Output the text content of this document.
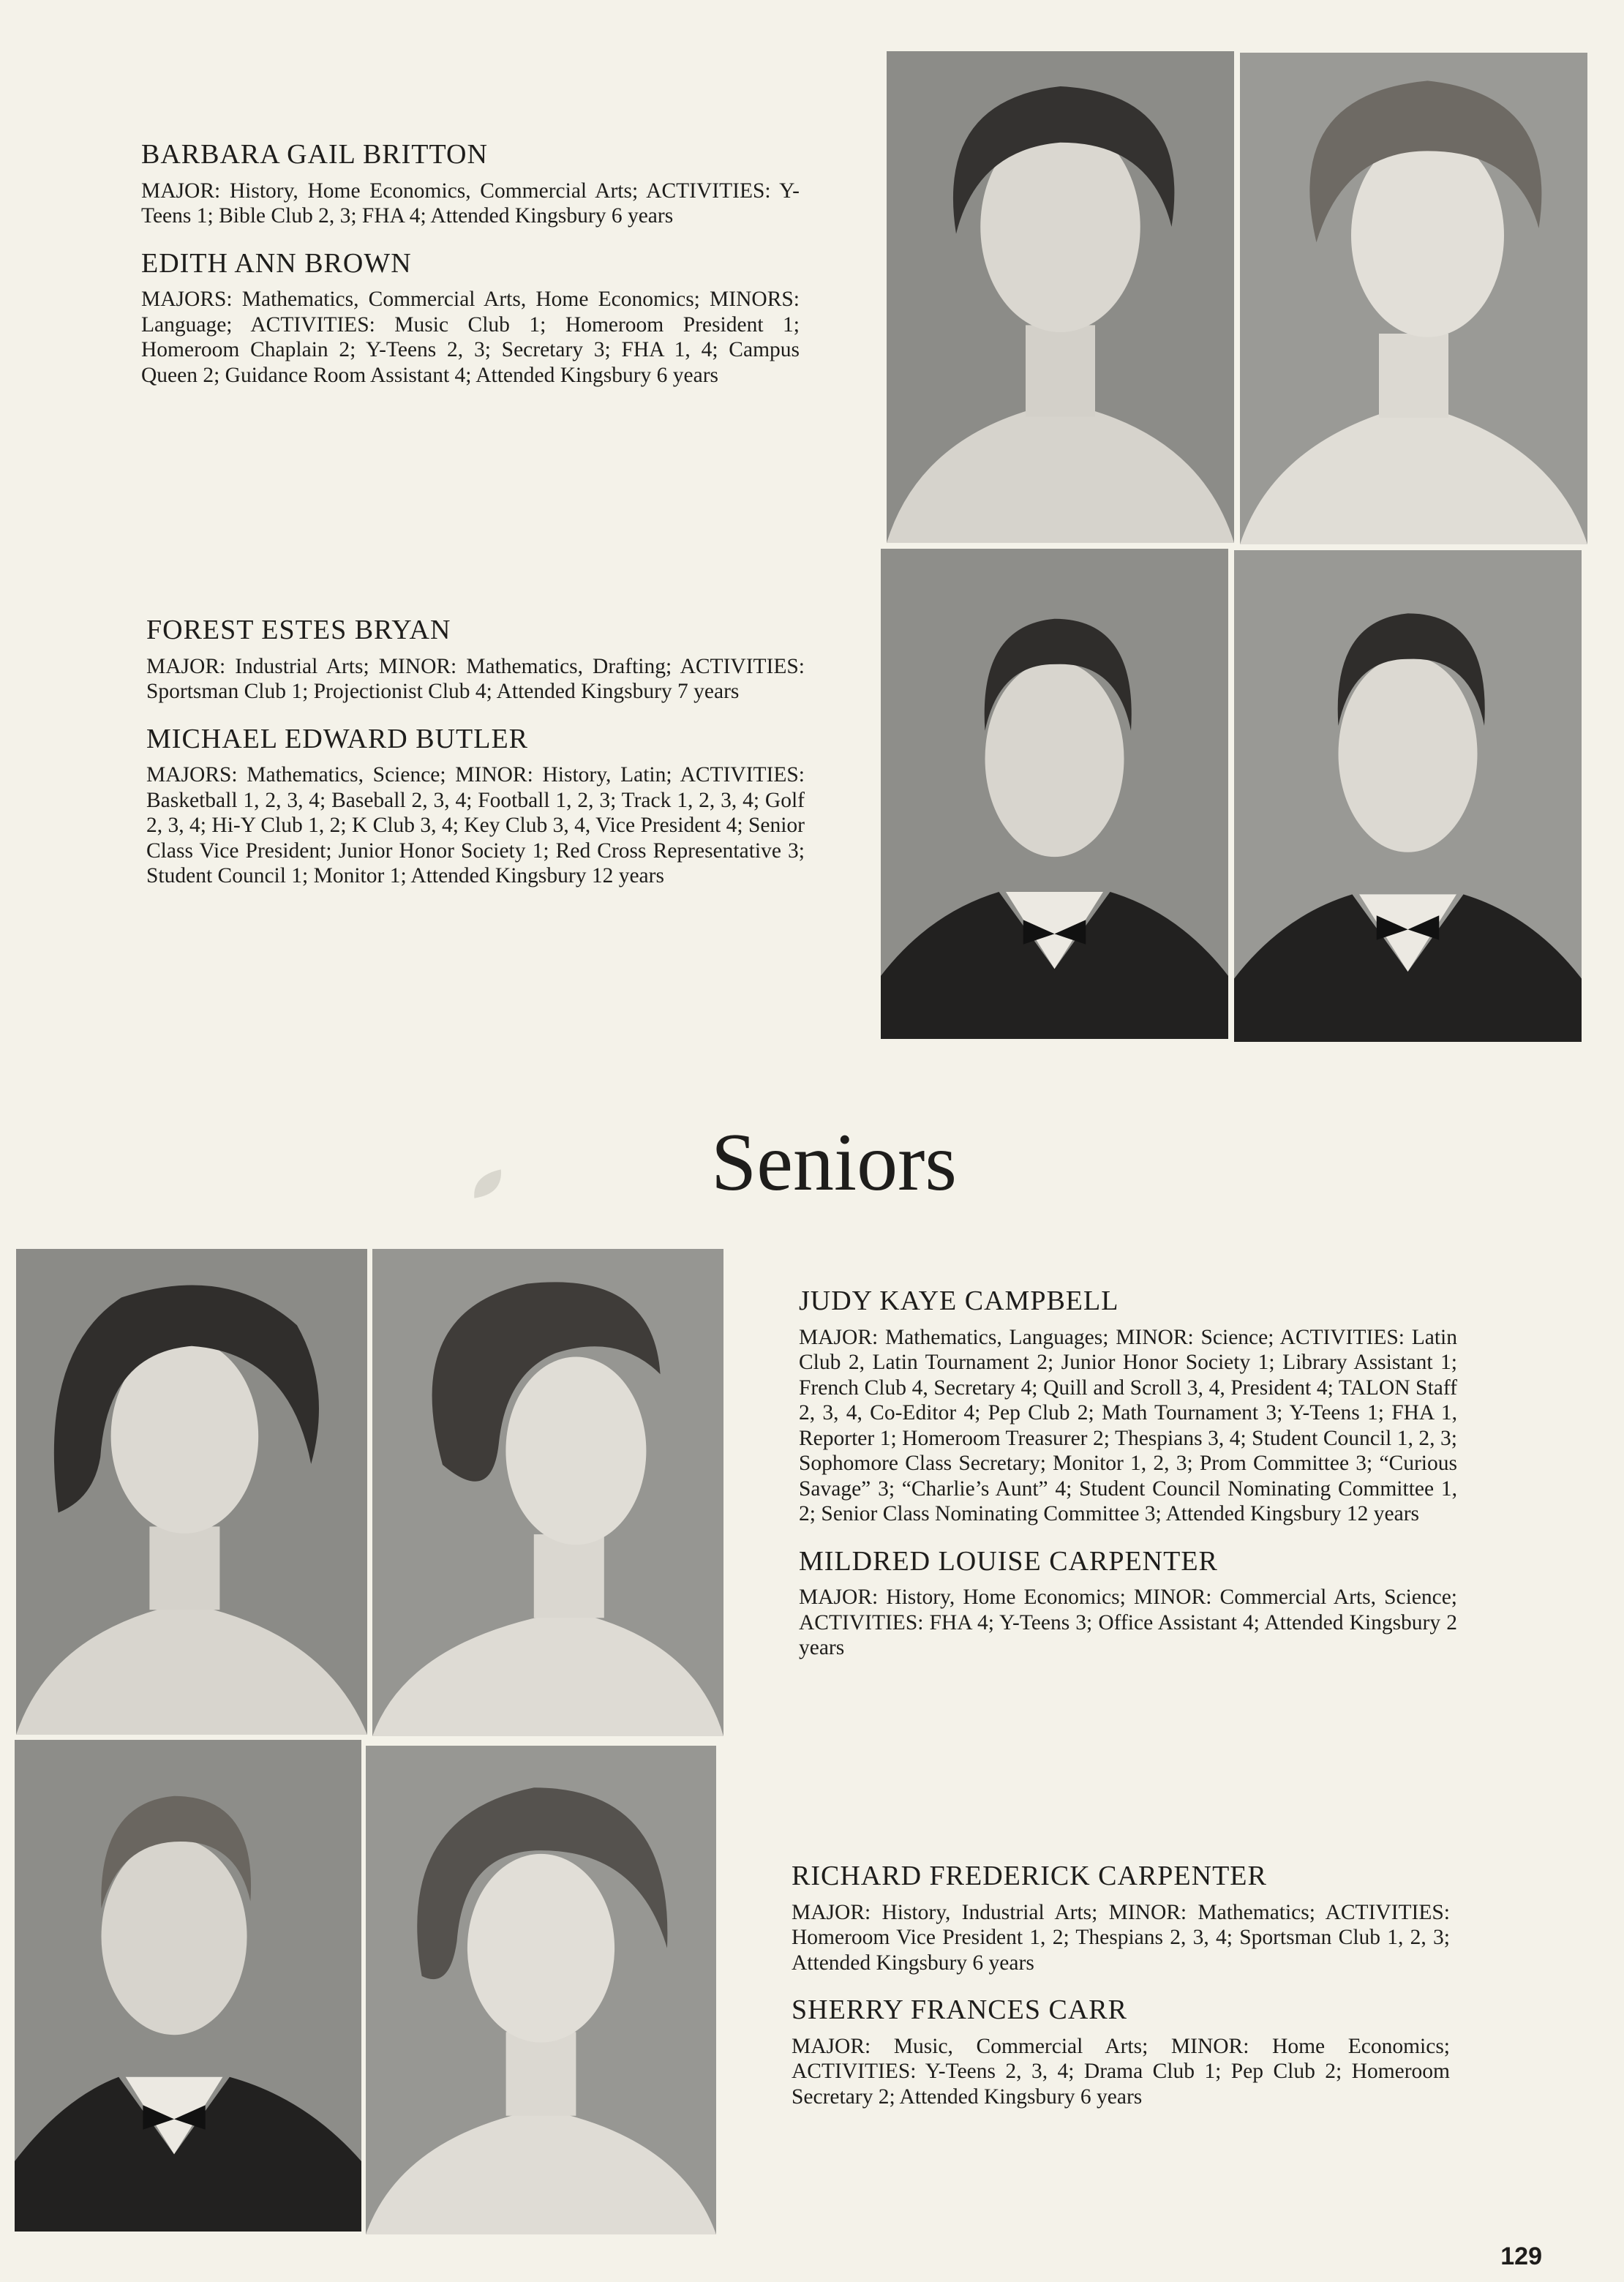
BARBARA GAIL BRITTON

MAJOR: History, Home Economics, Commercial Arts; ACTIVITIES: Y-Teens 1; Bible Club 2, 3; FHA 4; Attended Kingsbury 6 years

EDITH ANN BROWN

MAJORS: Mathematics, Commercial Arts, Home Economics; MINORS: Language; ACTIVITIES: Music Club 1; Homeroom President 1; Homeroom Chaplain 2; Y-Teens 2, 3; Secretary 3; FHA 1, 4; Campus Queen 2; Guidance Room Assistant 4; Attended Kingsbury 6 years

FOREST ESTES BRYAN

MAJOR: Industrial Arts; MINOR: Mathematics, Drafting; ACTIVITIES: Sportsman Club 1; Projectionist Club 4; Attended Kingsbury 7 years

MICHAEL EDWARD BUTLER

MAJORS: Mathematics, Science; MINOR: History, Latin; ACTIVITIES: Basketball 1, 2, 3, 4; Baseball 2, 3, 4; Football 1, 2, 3; Track 1, 2, 3, 4; Golf 2, 3, 4; Hi-Y Club 1, 2; K Club 3, 4; Key Club 3, 4, Vice President 4; Senior Class Vice President; Junior Honor Society 1; Red Cross Representative 3; Student Council 1; Monitor 1; Attended Kingsbury 12 years

Seniors
JUDY KAYE CAMPBELL

MAJOR: Mathematics, Languages; MINOR: Science; ACTIVITIES: Latin Club 2, Latin Tournament 2; Junior Honor Society 1; Library Assistant 1; French Club 4, Secretary 4; Quill and Scroll 3, 4, President 4; TALON Staff 2, 3, 4, Co-Editor 4; Pep Club 2; Math Tournament 3; Y-Teens 1; FHA 1, Reporter 1; Homeroom Treasurer 2; Thespians 3, 4; Student Council 1, 2, 3; Sophomore Class Secretary; Monitor 1, 2, 3; Prom Committee 3; “Curious Savage” 3; “Charlie’s Aunt” 4; Student Council Nominating Committee 1, 2; Senior Class Nominating Committee 3; Attended Kingsbury 12 years

MILDRED LOUISE CARPENTER

MAJOR: History, Home Economics; MINOR: Commercial Arts, Science; ACTIVITIES: FHA 4; Y-Teens 3; Office Assistant 4; Attended Kingsbury 2 years

RICHARD FREDERICK CARPENTER

MAJOR: History, Industrial Arts; MINOR: Mathematics; ACTIVITIES: Homeroom Vice President 1, 2; Thespians 2, 3, 4; Sportsman Club 1, 2, 3; Attended Kingsbury 6 years

SHERRY FRANCES CARR

MAJOR: Music, Commercial Arts; MINOR: Home Economics; ACTIVITIES: Y-Teens 2, 3, 4; Drama Club 1; Pep Club 2; Homeroom Secretary 2; Attended Kingsbury 6 years

129
